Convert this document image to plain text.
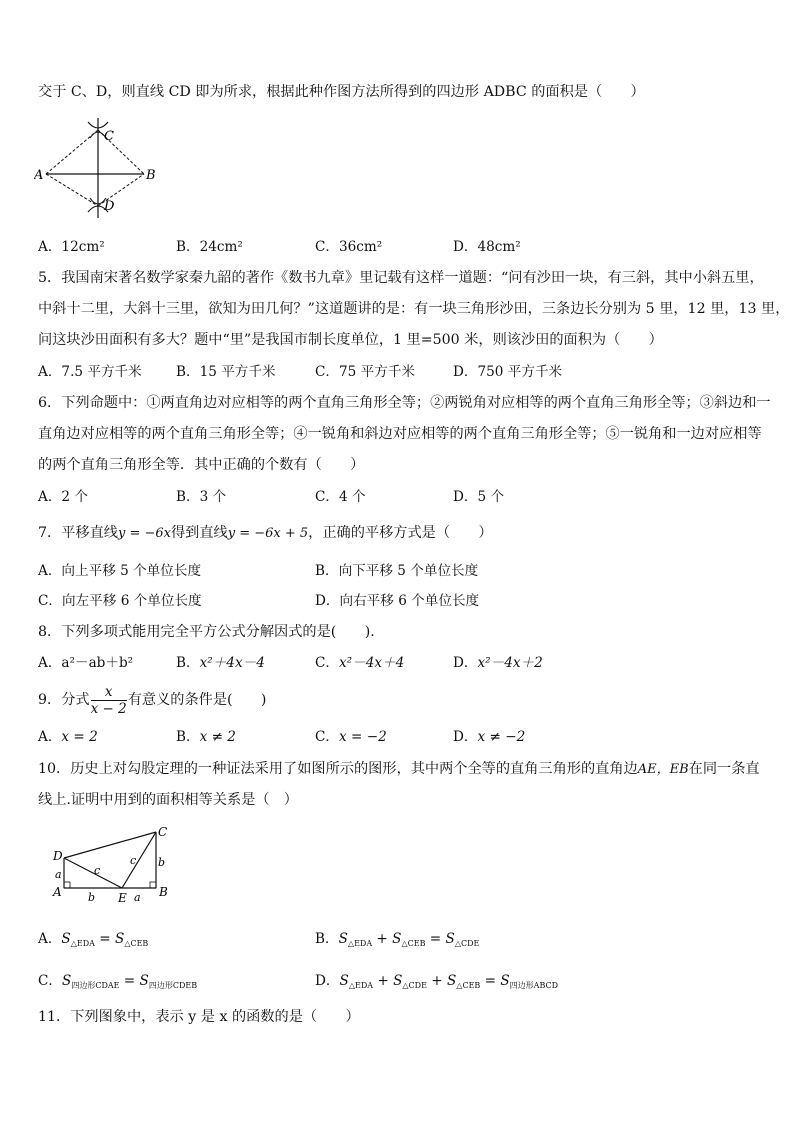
交于 C、D，则直线 CD 即为所求，根据此种作图方法所得到的四边形 ADBC 的面积是（　　）
A	B
C
D
A．12cm²	B．24cm²	C．36cm²	D．48cm²
5．我国南宋著名数学家秦九韶的著作《数书九章》里记载有这样一道题：“问有沙田一块，有三斜，其中小斜五里，
中斜十二里，大斜十三里，欲知为田几何？”这道题讲的是：有一块三角形沙田，三条边长分别为 5 里，12 里，13 里，
问这块沙田面积有多大？题中“里”是我国市制长度单位，1 里=500 米，则该沙田的面积为（　　）
A．7.5 平方千米	B．15 平方千米	C．75 平方千米	D．750 平方千米
6．下列命题中：①两直角边对应相等的两个直角三角形全等；②两锐角对应相等的两个直角三角形全等；③斜边和一
直角边对应相等的两个直角三角形全等；④一锐角和斜边对应相等的两个直角三角形全等；⑤一锐角和一边对应相等
的两个直角三角形全等．其中正确的个数有（　　）
A．2 个	B．3 个	C．4 个	D．5 个
7．平移直线y = −6x得到直线y = −6x + 5，正确的平移方式是（　　）
A．向上平移 5 个单位长度	B．向下平移 5 个单位长度
C．向左平移 6 个单位长度	D．向右平移 6 个单位长度
8．下列多项式能用完全平方公式分解因式的是(　　).
A．a²－ab＋b²	B．x²＋4x－4	C．x²－4x＋4	D．x²－4x＋2
9．分式 $\frac{x}{x - 2}$ 有意义的条件是(　　)
A．x = 2	B．x ≠ 2	C．x = −2	D．x ≠ −2
10．历史上对勾股定理的一种证法采用了如图所示的图形，其中两个全等的直角三角形的直角边AE，EB在同一条直
线上.证明中用到的面积相等关系是（　）
D
A	E	B
C
a
b	a
b
c
c
A．$S_{\triangle EDA} = S_{\triangle CEB}$	B．$S_{\triangle EDA} + S_{\triangle CEB} = S_{\triangle CDE}$
C．$S_{四边形CDAE} = S_{四边形CDEB}$	D．$S_{\triangle EDA} + S_{\triangle CDE} + S_{\triangle CEB} = S_{四边形ABCD}$
11．下列图象中，表示 y 是 x 的函数的是（　　）
